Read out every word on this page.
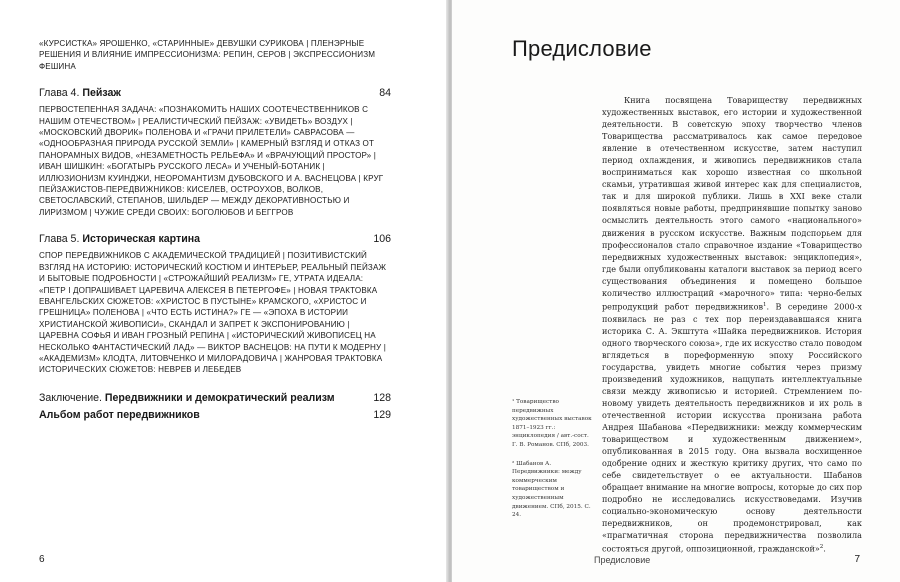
«КУРСИСТКА» ЯРОШЕНКО, «СТАРИННЫЕ» ДЕВУШКИ СУРИКОВА | ПЛЕНЭРНЫЕ РЕШЕНИЯ И ВЛИЯНИЕ ИМПРЕССИОНИЗМА: РЕПИН, СЕРОВ | ЭКСПРЕССИОНИЗМ ФЕШИНА

Глава 4. Пейзаж	84

ПЕРВОСТЕПЕННАЯ ЗАДАЧА: «ПОЗНАКОМИТЬ НАШИХ СООТЕЧЕСТВЕННИКОВ С НАШИМ ОТЕЧЕСТВОМ» | РЕАЛИСТИЧЕСКИЙ ПЕЙЗАЖ: «УВИДЕТЬ» ВОЗДУХ | «МОСКОВСКИЙ ДВОРИК» ПОЛЕНОВА И «ГРАЧИ ПРИЛЕТЕЛИ» САВРАСОВА — «ОДНООБРАЗНАЯ ПРИРОДА РУССКОЙ ЗЕМЛИ» | КАМЕРНЫЙ ВЗГЛЯД И ОТКАЗ ОТ ПАНОРАМНЫХ ВИДОВ, «НЕЗАМЕТНОСТЬ РЕЛЬЕФА» И «ВРАЧУЮЩИЙ ПРОСТОР» | ИВАН ШИШКИН: «БОГАТЫРЬ РУССКОГО ЛЕСА» И УЧЕНЫЙ-БОТАНИК | ИЛЛЮЗИОНИЗМ КУИНДЖИ, НЕОРОМАНТИЗМ ДУБОВСКОГО И А. ВАСНЕЦОВА | КРУГ ПЕЙЗАЖИСТОВ-ПЕРЕДВИЖНИКОВ: КИСЕЛЕВ, ОСТРОУХОВ, ВОЛКОВ, СВЕТОСЛАВСКИЙ, СТЕПАНОВ, ШИЛЬДЕР — МЕЖДУ ДЕКОРАТИВНОСТЬЮ И ЛИРИЗМОМ | ЧУЖИЕ СРЕДИ СВОИХ: БОГОЛЮБОВ И БЕГГРОВ

Глава 5. Историческая картина	106

СПОР ПЕРЕДВИЖНИКОВ С АКАДЕМИЧЕСКОЙ ТРАДИЦИЕЙ | ПОЗИТИВИСТСКИЙ ВЗГЛЯД НА ИСТОРИЮ: ИСТОРИЧЕСКИЙ КОСТЮМ И ИНТЕРЬЕР, РЕАЛЬНЫЙ ПЕЙЗАЖ И БЫТОВЫЕ ПОДРОБНОСТИ | «СТРОЖАЙШИЙ РЕАЛИЗМ» ГЕ, УТРАТА ИДЕАЛА: «ПЕТР I ДОПРАШИВАЕТ ЦАРЕВИЧА АЛЕКСЕЯ В ПЕТЕРГОФЕ» | НОВАЯ ТРАКТОВКА ЕВАНГЕЛЬСКИХ СЮЖЕТОВ: «ХРИСТОС В ПУСТЫНЕ» КРАМСКОГО, «ХРИСТОС И ГРЕШНИЦА» ПОЛЕНОВА | «ЧТО ЕСТЬ ИСТИНА?» ГЕ — «ЭПОХА В ИСТОРИИ ХРИСТИАНСКОЙ ЖИВОПИСИ», СКАНДАЛ И ЗАПРЕТ К ЭКСПОНИРОВАНИЮ | ЦАРЕВНА СОФЬЯ И ИВАН ГРОЗНЫЙ РЕПИНА | «ИСТОРИЧЕСКИЙ ЖИВОПИСЕЦ НА НЕСКОЛЬКО ФАНТАСТИЧЕСКИЙ ЛАД» — ВИКТОР ВАСНЕЦОВ: НА ПУТИ К МОДЕРНУ | «АКАДЕМИЗМ» КЛОДТА, ЛИТОВЧЕНКО И МИЛОРАДОВИЧА | ЖАНРОВАЯ ТРАКТОВКА ИСТОРИЧЕСКИХ СЮЖЕТОВ: НЕВРЕВ И ЛЕБЕДЕВ

Заключение. Передвижники и демократический реализм	128
Альбом работ передвижников	129
6
Предисловие

Книга посвящена Товариществу передвижных художественных выставок, его истории и художественной деятельности. В советскую эпоху творчество членов Товарищества рассматривалось как самое передовое явление в отечественном искусстве, затем наступил период охлаждения, и живопись передвижников стала восприниматься как хорошо известная со школьной скамьи, утратившая живой интерес как для специалистов, так и для широкой публики. Лишь в XXI веке стали появляться новые работы, предпринявшие попытку заново осмыслить деятельность этого самого «национального» движения в русском искусстве. Важным подспорьем для профессионалов стало справочное издание «Товарищество передвижных художественных выставок: энциклопедия», где были опубликованы каталоги выставок за период всего существования объединения и помещено большое количество иллюстраций «марочного» типа: черно-белых репродукций работ передвижников$^1$. В середине 2000-х появилась не раз с тех пор переиздававшаяся книга историка С. А. Экштута «Шайка передвижников. История одного творческого союза», где их искусство стало поводом вглядеться в пореформенную эпоху Российского государства, увидеть многие события через призму произведений художников, нащупать интеллектуальные связи между живописью и историей. Стремлением по-новому увидеть деятельность передвижников и их роль в отечественной истории искусства пронизана работа Андрея Шабанова «Передвижники: между коммерческим товариществом и художественным движением», опубликованная в 2015 году. Она вызвала восхищенное одобрение одних и жесткую критику других, что само по себе свидетельствует о ее актуальности. Шабанов обращает внимание на многие вопросы, которые до сих пор подробно не исследовались искусствоведами. Изучив социально-экономическую основу деятельности передвижников, он продемонстрировал, как «прагматичная сторона передвижничества позволила состояться другой, оппозиционной, гражданской»$^2$.

¹ Товарищество передвижных художественных выставок 1871–1923 гг.: энциклопедия / авт.-сост. Г. В. Романов. СПб, 2003.

² Шабанов А. Передвижники: между коммерческим товариществом и художественным движением. СПб, 2015. С. 24.

Предисловие	7
